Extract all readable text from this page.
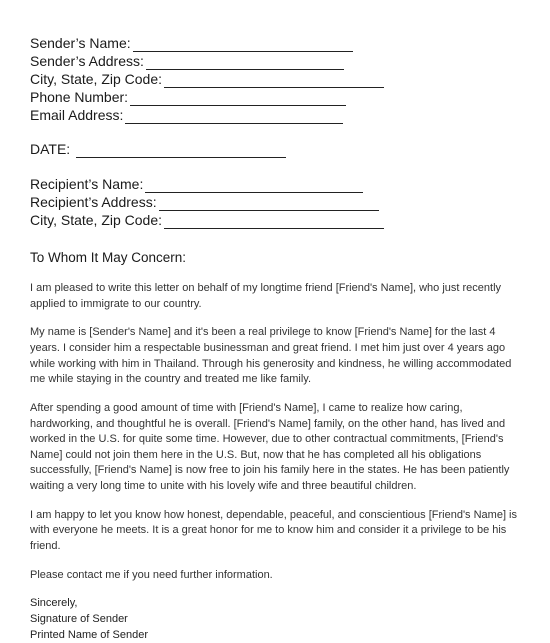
Sender’s Name:
Sender’s Address:
City, State, Zip Code:
Phone Number:
Email Address:
DATE:
Recipient’s Name:
Recipient’s Address:
City, State, Zip Code:
To Whom It May Concern:

I am pleased to write this letter on behalf of my longtime friend [Friend's Name], who just recently applied to immigrate to our country.

My name is [Sender's Name] and it's been a real privilege to know [Friend's Name] for the last 4 years. I consider him a respectable businessman and great friend. I met him just over 4 years ago while working with him in Thailand. Through his generosity and kindness, he willing accommodated me while staying in the country and treated me like family.

After spending a good amount of time with [Friend's Name], I came to realize how caring, hardworking, and thoughtful he is overall. [Friend's Name] family, on the other hand, has lived and worked in the U.S. for quite some time. However, due to other contractual commitments, [Friend's Name] could not join them here in the U.S. But, now that he has completed all his obligations successfully, [Friend's Name] is now free to join his family here in the states. He has been patiently waiting a very long time to unite with his lovely wife and three beautiful children.

I am happy to let you know how honest, dependable, peaceful, and conscientious [Friend's Name] is with everyone he meets. It is a great honor for me to know him and consider it a privilege to be his friend.

Please contact me if you need further information.

Sincerely,
Signature of Sender
Printed Name of Sender
